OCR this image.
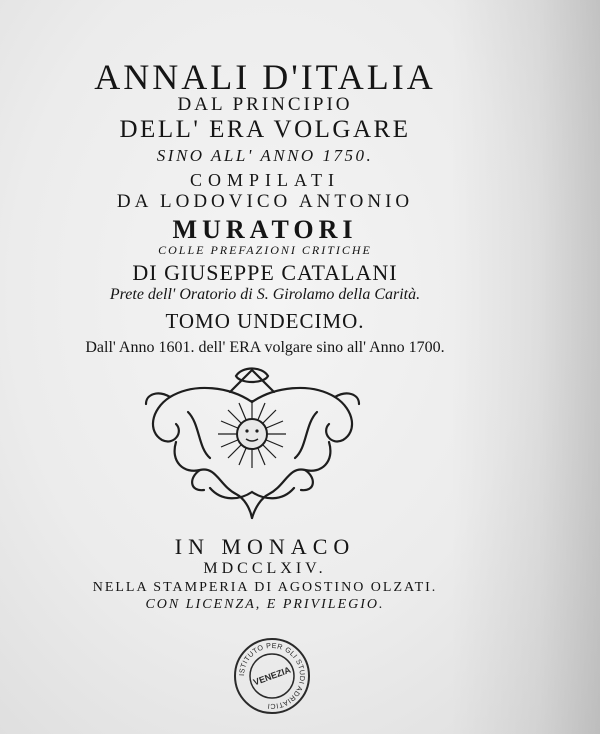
ANNALI D'ITALIA
DAL PRINCIPIO
DELL' ERA VOLGARE
SINO ALL' ANNO 1750.
COMPILATI
DA LODOVICO ANTONIO
MURATORI
COLLE PREFAZIONI CRITICHE
DI GIUSEPPE CATALANI
Prete dell' Oratorio di S. Girolamo della Carità.
TOMO UNDECIMO.
Dall' Anno 1601. dell' ERA volgare sino all' Anno 1700.
IN MONACO
MDCCLXIV.
NELLA STAMPERIA DI AGOSTINO OLZATI.
CON LICENZA, E PRIVILEGIO.
ISTITUTO PER GLI STUDI ADRIATICI
VENEZIA
